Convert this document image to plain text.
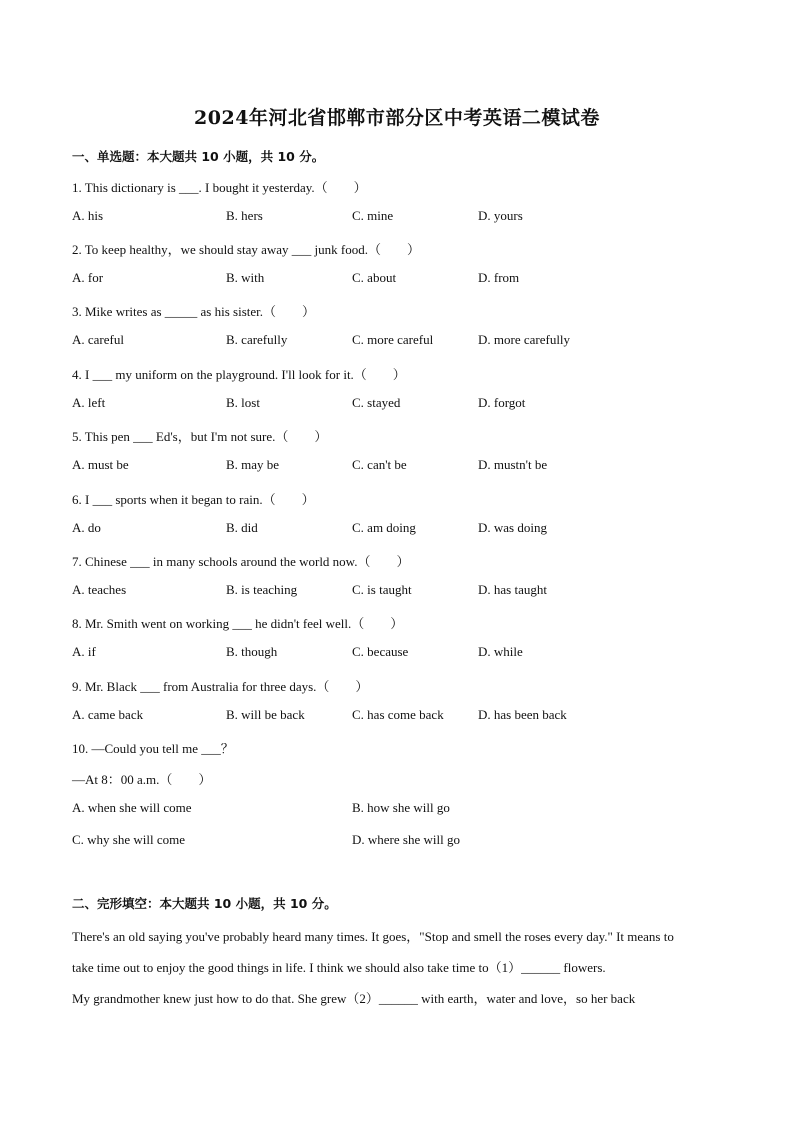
2024年河北省邯郸市部分区中考英语二模试卷
一、单选题：本大题共 10 小题，共 10 分。
1. This dictionary is ___. I bought it yesterday.（　　）
A. his	B. hers	C. mine	D. yours
2. To keep healthy，we should stay away ___ junk food.（　　）
A. for	B. with	C. about	D. from
3. Mike writes as _____ as his sister.（　　）
A. careful	B. carefully	C. more careful	D. more carefully
4. I ___ my uniform on the playground. I'll look for it.（　　）
A. left	B. lost	C. stayed	D. forgot
5. This pen ___ Ed's，but I'm not sure.（　　）
A. must be	B. may be	C. can't be	D. mustn't be
6. I ___ sports when it began to rain.（　　）
A. do	B. did	C. am doing	D. was doing
7. Chinese ___ in many schools around the world now.（　　）
A. teaches	B. is teaching	C. is taught	D. has taught
8. Mr. Smith went on working ___ he didn't feel well.（　　）
A. if	B. though	C. because	D. while
9. Mr. Black ___ from Australia for three days.（　　）
A. came back	B. will be back	C. has come back	D. has been back
10. —Could you tell me ___？
—At 8：00 a.m.（　　）
A. when she will come	B. how she will go
C. why she will come	D. where she will go
二、完形填空：本大题共 10 小题，共 10 分。
There's an old saying you've probably heard many times. It goes，"Stop and smell the roses every day." It means to
take time out to enjoy the good things in life. I think we should also take time to（1）______ flowers.
My grandmother knew just how to do that. She grew（2）______ with earth，water and love，so her back
